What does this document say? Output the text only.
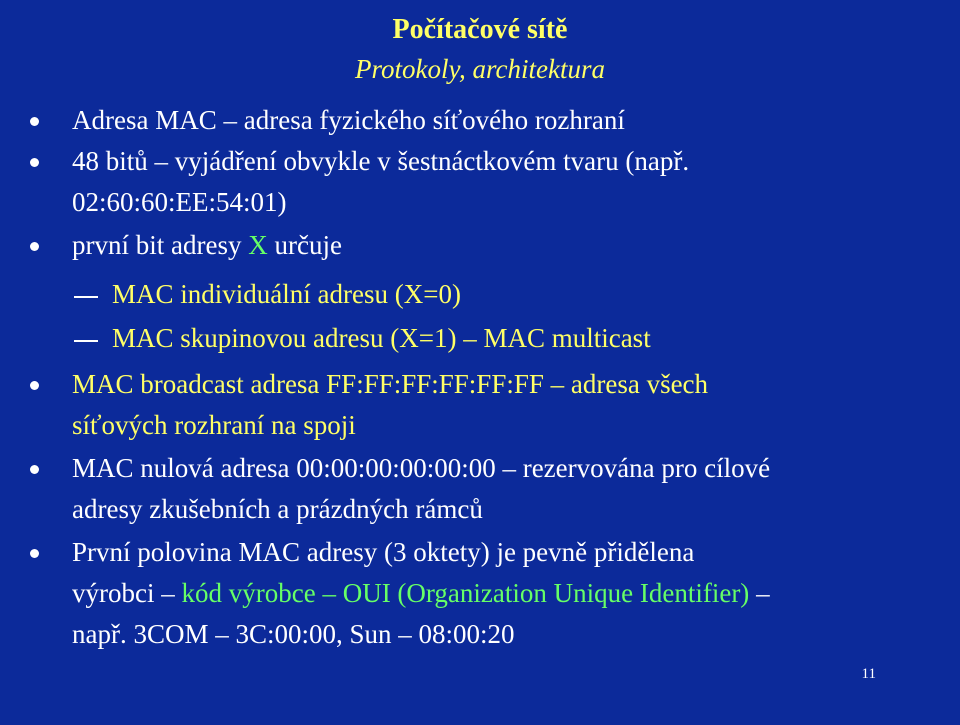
Počítačové sítě
Protokoly, architektura
Adresa MAC – adresa fyzického síťového rozhraní
48 bitů – vyjádření obvykle v šestnáctkovém tvaru (např.
02:60:60:EE:54:01)
první bit adresy X určuje
MAC individuální adresu (X=0)
MAC skupinovou adresu (X=1) – MAC multicast
MAC broadcast adresa FF:FF:FF:FF:FF:FF – adresa všech
síťových rozhraní na spoji
MAC nulová adresa 00:00:00:00:00:00 – rezervována pro cílové
adresy zkušebních a prázdných rámců
První polovina MAC adresy (3 oktety) je pevně přidělena
výrobci – kód výrobce – OUI (Organization Unique Identifier) –
např. 3COM – 3C:00:00, Sun – 08:00:20
11
